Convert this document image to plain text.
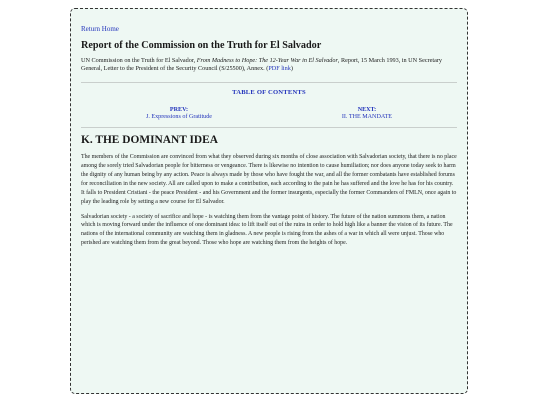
Return Home
Report of the Commission on the Truth for El Salvador

UN Commission on the Truth for El Salvador, From Madness to Hope: The 12-Year War in El Salvador, Report, 15 March 1993, in UN Secretary General, Letter to the President of the Security Council (S/25500), Annex. (PDF link)

TABLE OF CONTENTS
PREV:
J. Expressions of Gratitude
NEXT:
II. THE MANDATE
K. THE DOMINANT IDEA

The members of the Commission are convinced from what they observed during six months of close association with Salvadorian society, that there is no place among the sorely tried Salvadorian people for bitterness or vengeance. There is likewise no intention to cause humiliation; nor does anyone today seek to harm the dignity of any human being by any action. Peace is always made by those who have fought the war, and all the former combatants have established forums for reconciliation in the new society. All are called upon to make a contribution, each according to the pain he has suffered and the love he has for his country. It falls to President Cristiani - the peace President - and his Government and the former insurgents, especially the former Commanders of FMLN, once again to play the leading role by setting a new course for El Salvador.

Salvadorian society - a society of sacrifice and hope - is watching them from the vantage point of history. The future of the nation summons them, a nation which is moving forward under the influence of one dominant idea: to lift itself out of the ruins in order to hold high like a banner the vision of its future. The nations of the international community are watching them in gladness. A new people is rising from the ashes of a war in which all were unjust. Those who perished are watching them from the great beyond. Those who hope are watching them from the heights of hope.
